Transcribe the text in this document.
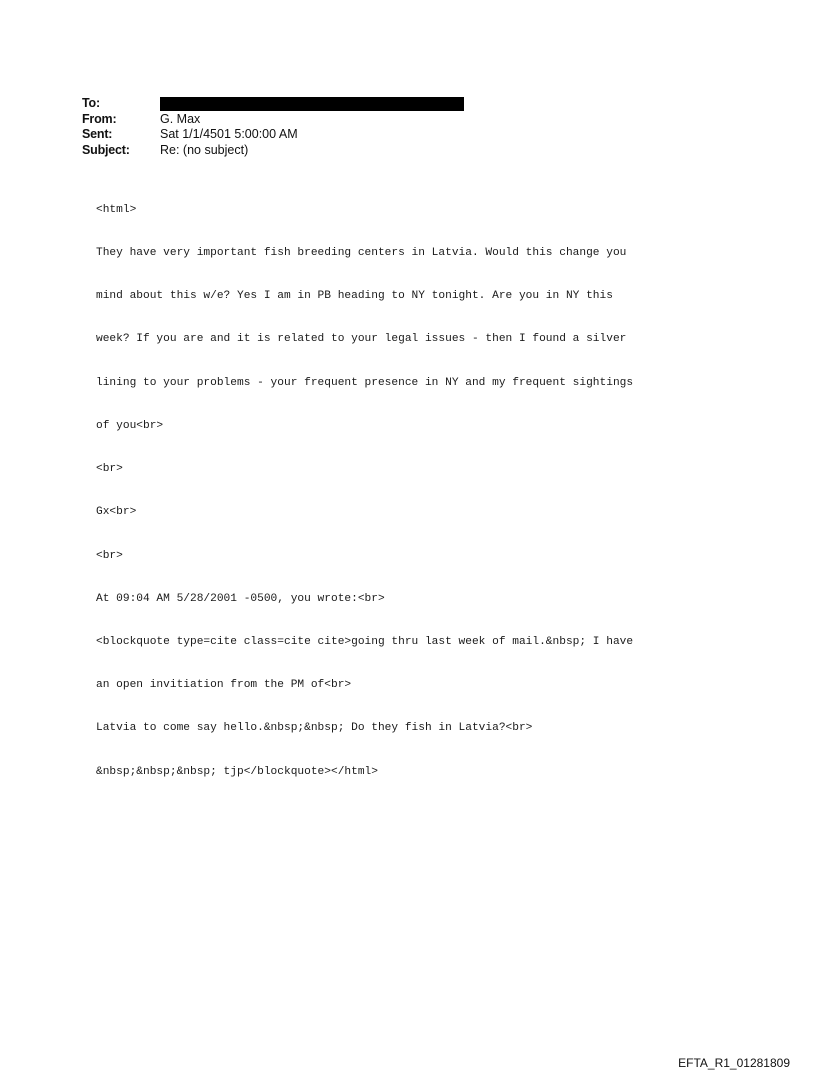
To:
From:	G. Max
Sent:	Sat 1/1/4501 5:00:00 AM
Subject:	Re: (no subject)

<html>

They have very important fish breeding centers in Latvia. Would this change you

mind about this w/e? Yes I am in PB heading to NY tonight. Are you in NY this

week? If you are and it is related to your legal issues - then I found a silver

lining to your problems - your frequent presence in NY and my frequent sightings

of you<br>

<br>

Gx<br>

<br>

At 09:04 AM 5/28/2001 -0500, you wrote:<br>

<blockquote type=cite class=cite cite>going thru last week of mail.&nbsp; I have

an open invitiation from the PM of<br>

Latvia to come say hello.&nbsp;&nbsp; Do they fish in Latvia?<br>

&nbsp;&nbsp;&nbsp; tjp</blockquote></html>

EFTA_R1_01281809
